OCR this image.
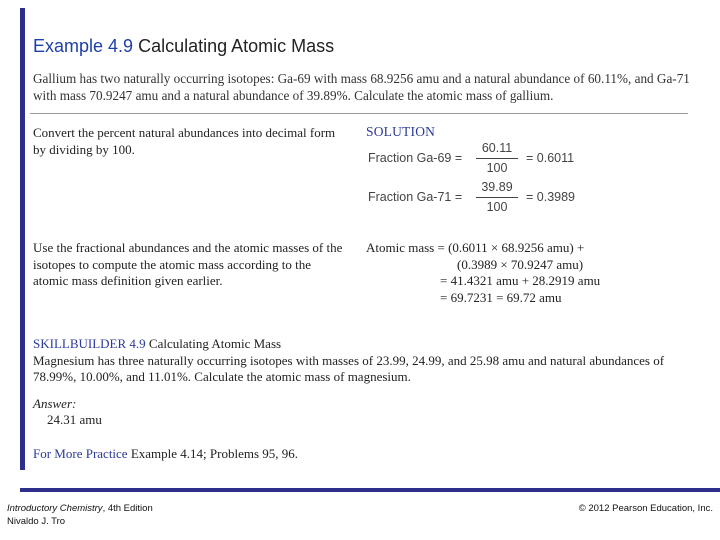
Example 4.9 Calculating Atomic Mass
Gallium has two naturally occurring isotopes: Ga-69 with mass 68.9256 amu and a natural abundance of 60.11%, and Ga-71 with mass 70.9247 amu and a natural abundance of 39.89%. Calculate the atomic mass of gallium.
Convert the percent natural abundances into decimal form by dividing by 100.
Use the fractional abundances and the atomic masses of the isotopes to compute the atomic mass according to the atomic mass definition given earlier.
SOLUTION
Fraction Ga-69 =
60.11
100
= 0.6011
Fraction Ga-71 =
39.89
100
= 0.3989
Atomic mass = (0.6011 × 68.9256 amu) +
(0.3989 × 70.9247 amu)
= 41.4321 amu + 28.2919 amu
= 69.7231 = 69.72 amu
SKILLBUILDER 4.9 Calculating Atomic Mass
Magnesium has three naturally occurring isotopes with masses of 23.99, 24.99, and 25.98 amu and natural abundances of 78.99%, 10.00%, and 11.01%. Calculate the atomic mass of magnesium.
Answer:
24.31 amu
For More Practice Example 4.14; Problems 95, 96.
Introductory Chemistry, 4th Edition
Nivaldo J. Tro
© 2012 Pearson Education, Inc.
